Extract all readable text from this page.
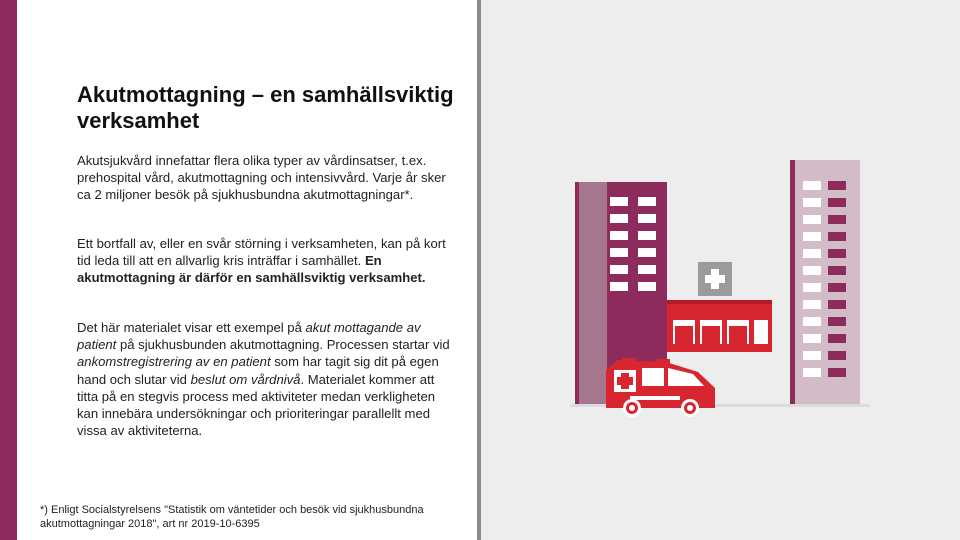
Akutmottagning – en samhällsviktig verksamhet

Akutsjukvård innefattar flera olika typer av vårdinsatser, t.ex. prehospital vård, akutmottagning och intensivvård. Varje år sker ca 2 miljoner besök på sjukhusbundna akutmottagningar*.

Ett bortfall av, eller en svår störning i verksamheten, kan på kort tid leda till att en allvarlig kris inträffar i samhället. En akutmottagning är därför en samhällsviktig verksamhet.

Det här materialet visar ett exempel på akut mottagande av patient på sjukhusbunden akutmottagning. Processen startar vid ankomstregistrering av en patient som har tagit sig dit på egen hand och slutar vid beslut om vårdnivå. Materialet kommer att titta på en stegvis process med aktiviteter medan verkligheten kan innebära undersökningar och prioriteringar parallellt med vissa av aktiviteterna.

*) Enligt Socialstyrelsens "Statistik om väntetider och besök vid sjukhusbundna akutmottagningar 2018", art nr 2019-10-6395
